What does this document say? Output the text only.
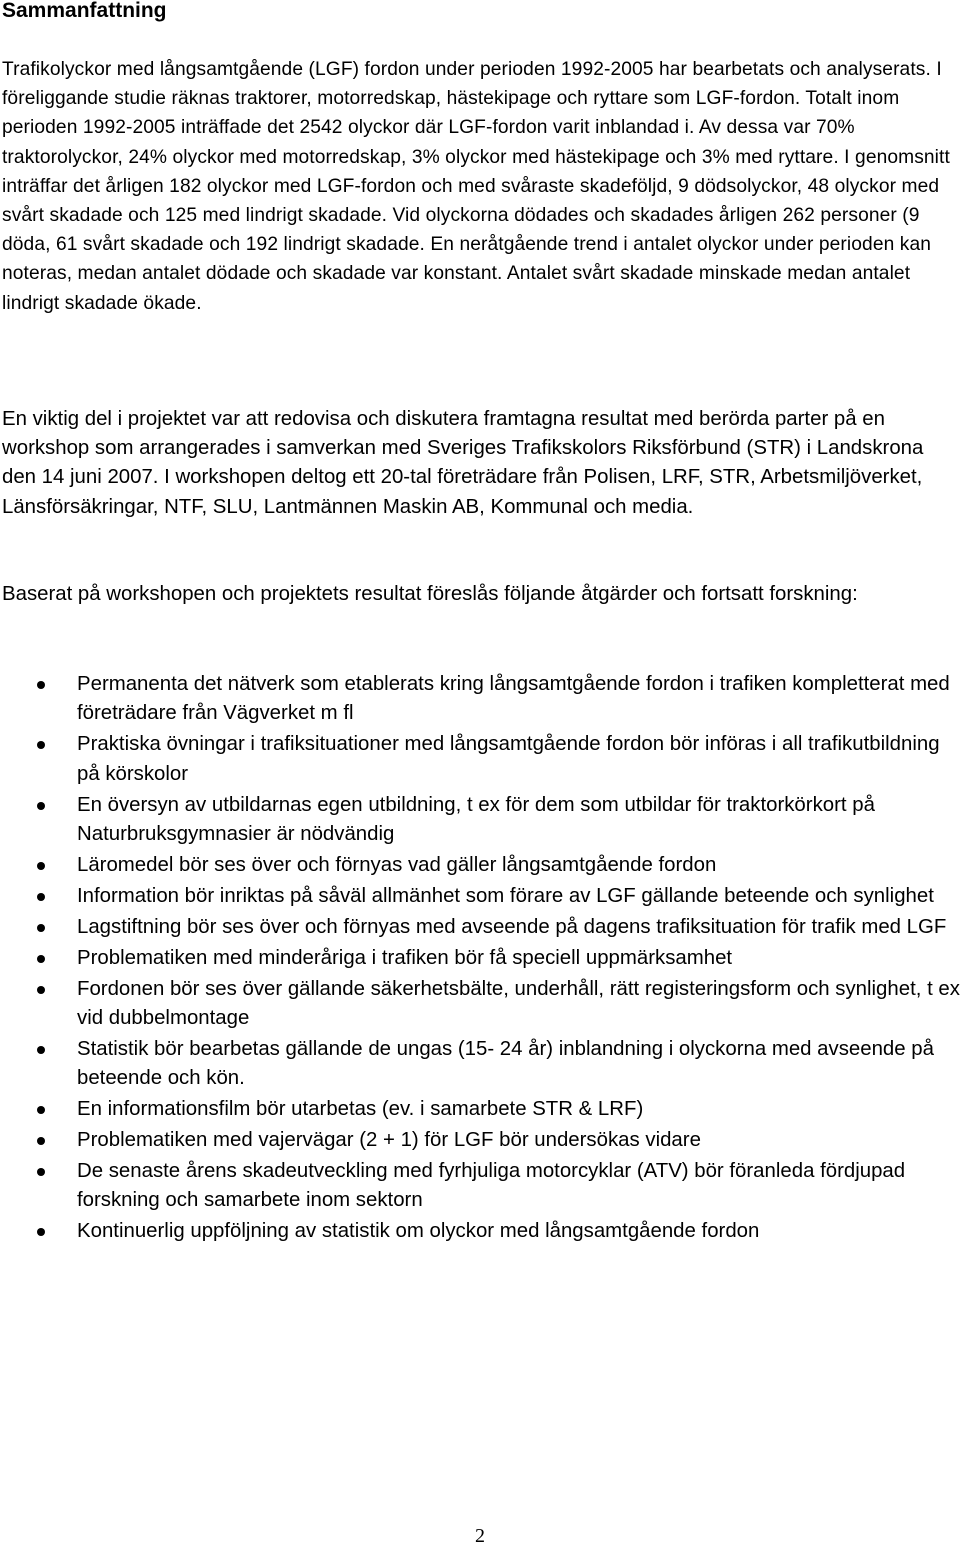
Sammanfattning

Trafikolyckor med långsamtgående (LGF) fordon under perioden 1992-2005 har bearbetats och analyserats. I föreliggande studie räknas traktorer, motorredskap, hästekipage och ryttare som LGF-fordon. Totalt inom perioden 1992-2005 inträffade det 2542 olyckor där LGF-fordon varit inblandad i. Av dessa var 70% traktorolyckor, 24% olyckor med motorredskap, 3% olyckor med hästekipage och 3% med ryttare. I genomsnitt inträffar det årligen 182 olyckor med LGF-fordon och med svåraste skadeföljd, 9 dödsolyckor, 48 olyckor med svårt skadade och 125 med lindrigt skadade. Vid olyckorna dödades och skadades årligen 262 personer (9 döda, 61 svårt skadade och 192 lindrigt skadade. En neråtgående trend i antalet olyckor under perioden kan noteras, medan antalet dödade och skadade var konstant. Antalet svårt skadade minskade medan antalet lindrigt skadade ökade.

En viktig del i projektet var att redovisa och diskutera framtagna resultat med berörda parter på en workshop som arrangerades i samverkan med Sveriges Trafikskolors Riksförbund (STR) i Landskrona den 14 juni 2007. I workshopen deltog ett 20-tal företrädare från Polisen, LRF, STR, Arbetsmiljöverket, Länsförsäkringar, NTF, SLU, Lantmännen Maskin AB, Kommunal och media.

Baserat på workshopen och projektets resultat föreslås följande åtgärder och fortsatt forskning:

Permanenta det nätverk som etablerats kring långsamtgående fordon i trafiken kompletterat med företrädare från Vägverket m fl
Praktiska övningar i trafiksituationer med långsamtgående fordon bör införas i all trafikutbildning på körskolor
En översyn av utbildarnas egen utbildning, t ex för dem som utbildar för traktorkörkort på Naturbruksgymnasier är nödvändig
Läromedel bör ses över och förnyas vad gäller långsamtgående fordon
Information bör inriktas på såväl allmänhet som förare av LGF gällande beteende och synlighet
Lagstiftning bör ses över och förnyas med avseende på dagens trafiksituation för trafik med LGF
Problematiken med minderåriga i trafiken bör få speciell uppmärksamhet
Fordonen bör ses över gällande säkerhetsbälte, underhåll, rätt registeringsform och synlighet, t ex vid dubbelmontage
Statistik bör bearbetas gällande de ungas (15- 24 år) inblandning i olyckorna med avseende på beteende och kön.
En informationsfilm bör utarbetas (ev. i samarbete STR & LRF)
Problematiken med vajervägar (2 + 1) för LGF bör undersökas vidare
De senaste årens skadeutveckling med fyrhjuliga motorcyklar (ATV) bör föranleda fördjupad forskning och samarbete inom sektorn
Kontinuerlig uppföljning av statistik om olyckor med långsamtgående fordon
2
